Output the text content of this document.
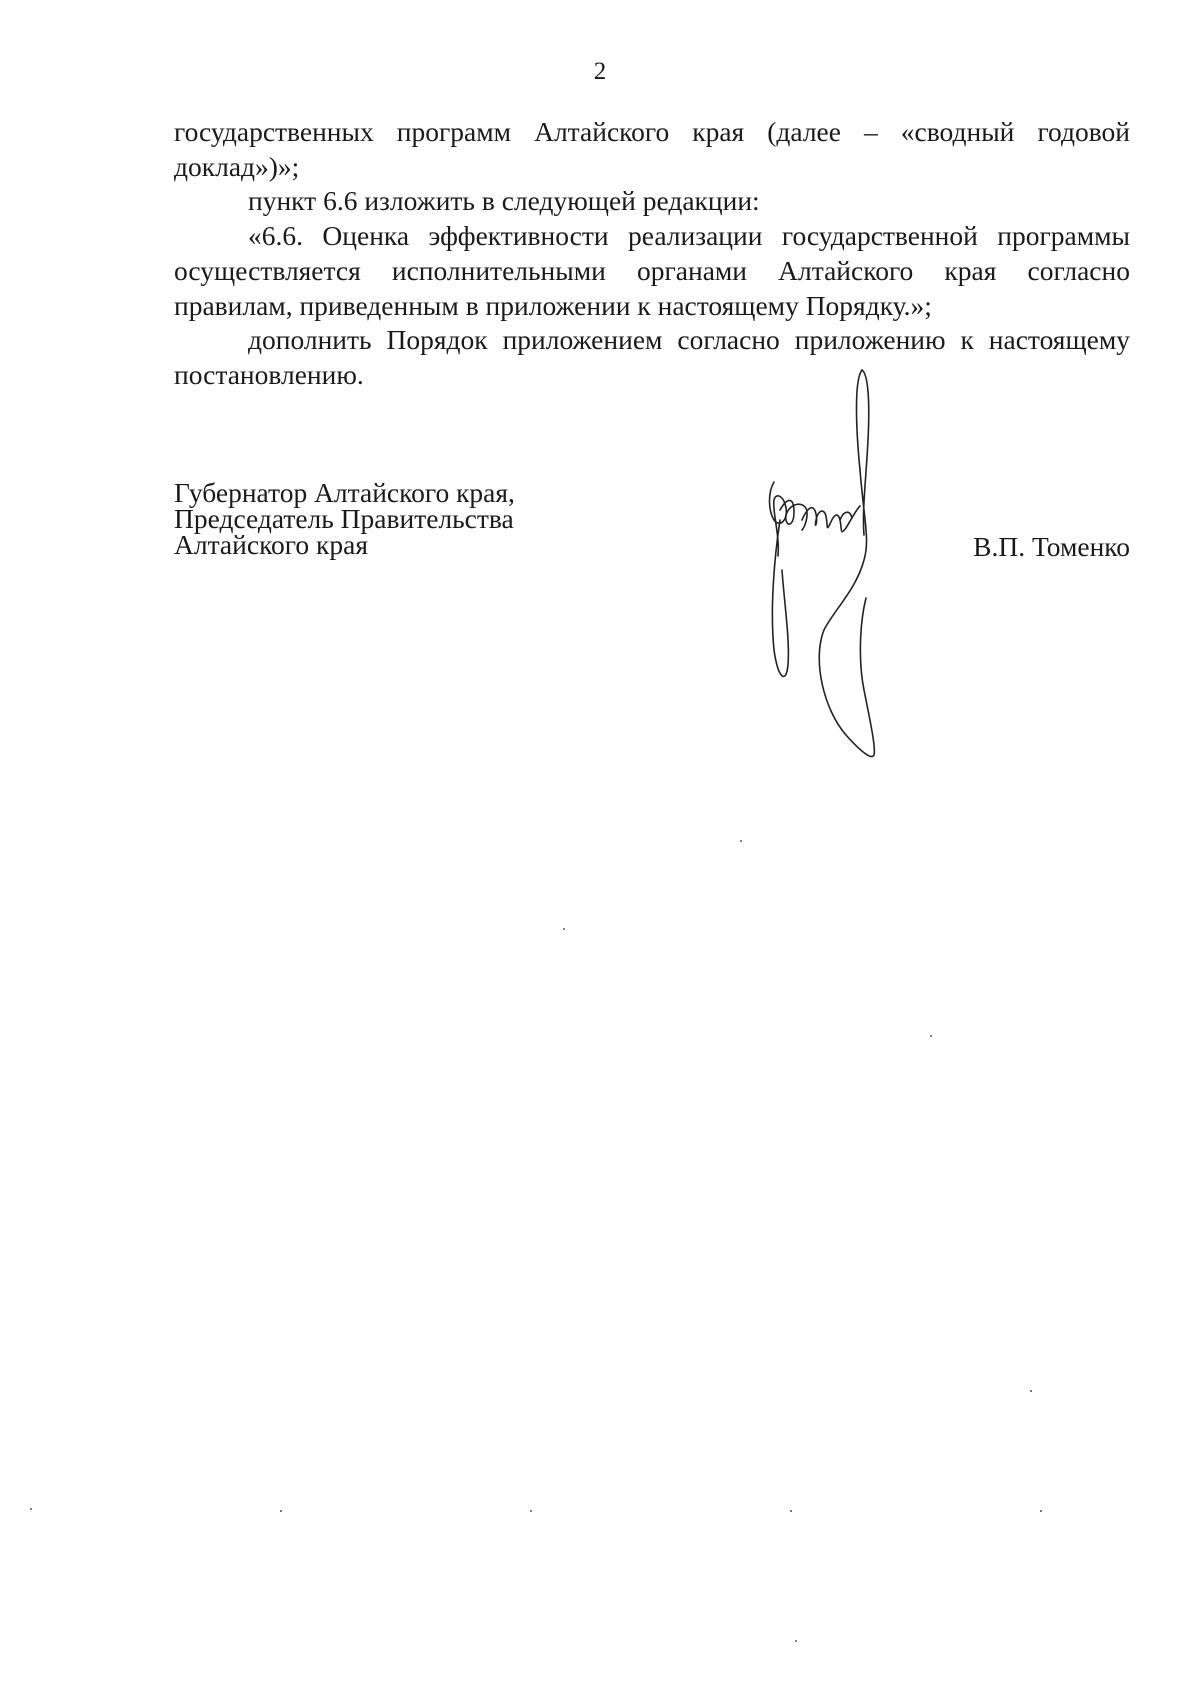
2

государственных программ Алтайского края (далее – «сводный годовой доклад»)»;

пункт 6.6 изложить в следующей редакции:

«6.6. Оценка эффективности реализации государственной программы осуществляется исполнительными органами Алтайского края согласно правилам, приведенным в приложении к настоящему Порядку.»;

дополнить Порядок приложением согласно приложению к настоящему постановлению.

Губернатор Алтайского края,
Председатель Правительства
Алтайского края	В.П. Томенко
